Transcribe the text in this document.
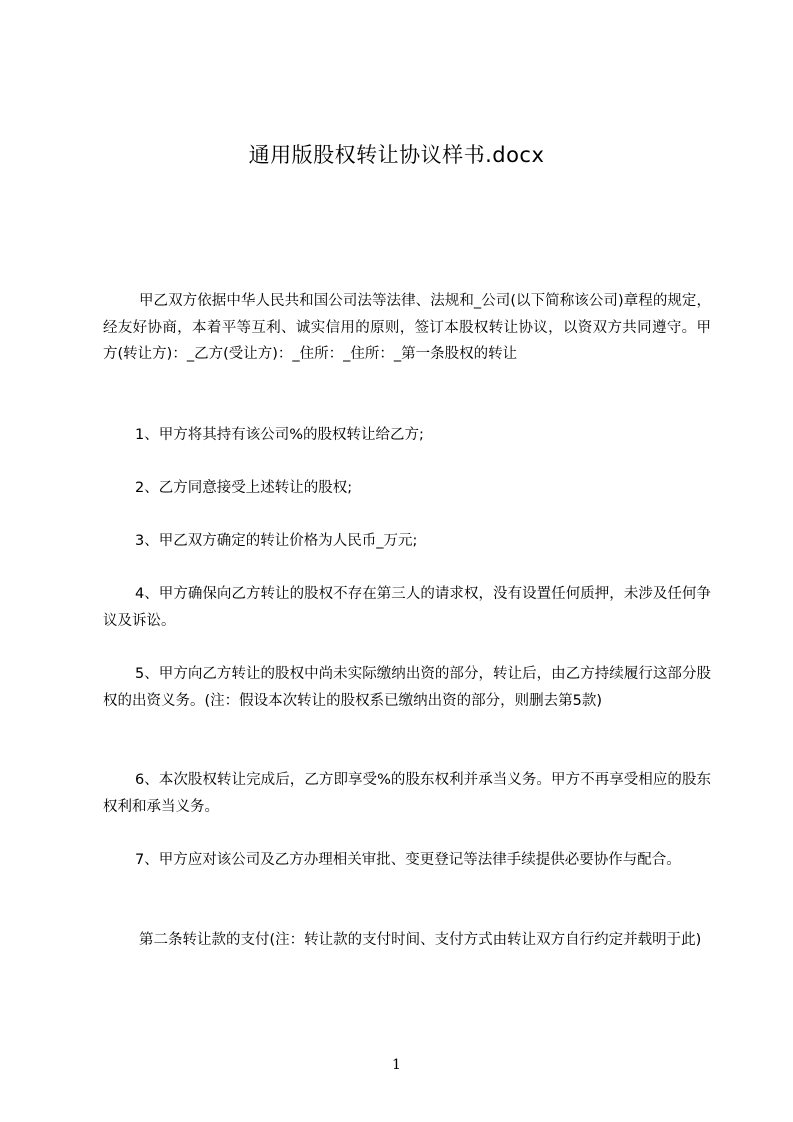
通用版股权转让协议样书.docx
甲乙双方依据中华人民共和国公司法等法律、法规和_公司(以下简称该公司)章程的规定，经友好协商，本着平等互利、诚实信用的原则，签订本股权转让协议，以资双方共同遵守。甲方(转让方)：_乙方(受让方)：_住所：_住所：_第一条股权的转让
1、甲方将其持有该公司%的股权转让给乙方;
2、乙方同意接受上述转让的股权;
3、甲乙双方确定的转让价格为人民币_万元;
4、甲方确保向乙方转让的股权不存在第三人的请求权，没有设置任何质押，未涉及任何争议及诉讼。
5、甲方向乙方转让的股权中尚未实际缴纳出资的部分，转让后，由乙方持续履行这部分股权的出资义务。(注：假设本次转让的股权系已缴纳出资的部分，则删去第5款)
6、本次股权转让完成后，乙方即享受%的股东权利并承当义务。甲方不再享受相应的股东权利和承当义务。
7、甲方应对该公司及乙方办理相关审批、变更登记等法律手续提供必要协作与配合。
第二条转让款的支付(注：转让款的支付时间、支付方式由转让双方自行约定并载明于此)
1
